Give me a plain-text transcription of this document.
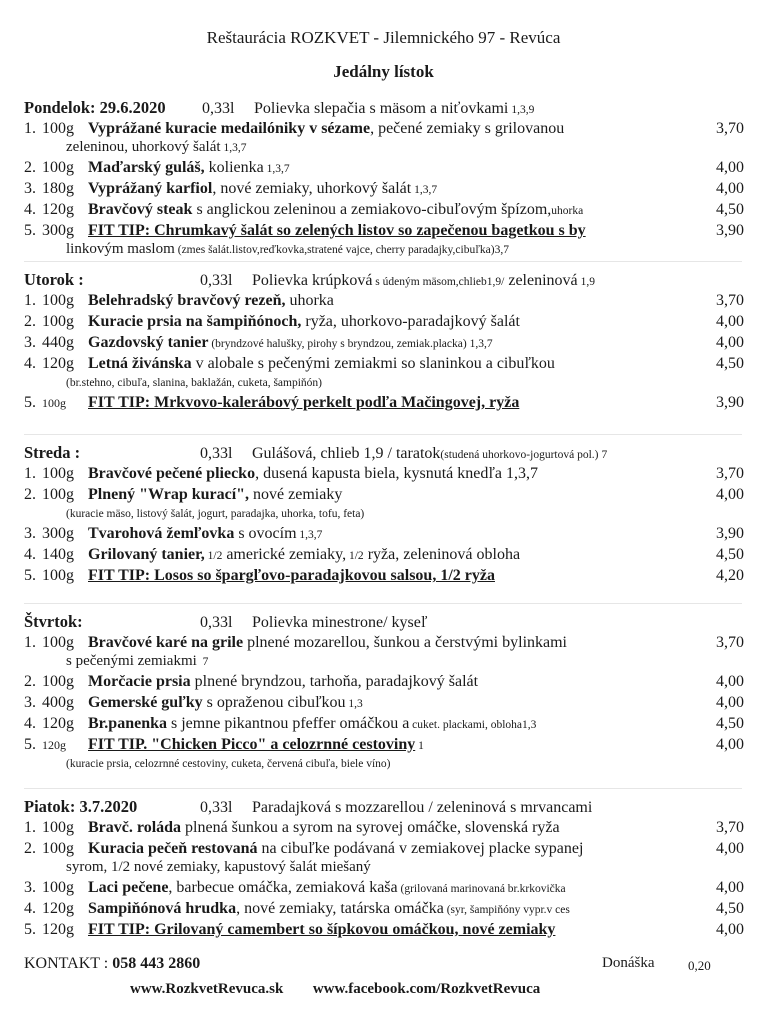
Reštaurácia ROZKVET - Jilemnického 97 - Revúca
Jedálny lístok
Pondelok: 29.6.2020 0,33l Polievka slepačia s mäsom a niťovkami 1,3,9
1. 100g Vyprážané kuracie medailóniky v sézame, pečené zemiaky s grilovanou	3,70
zeleninou, uhorkový šalát 1,3,7
2. 100g Maďarský guláš, kolienka 1,3,7	4,00
3. 180g Vyprážaný karfiol, nové zemiaky, uhorkový šalát 1,3,7	4,00
4. 120g Bravčový steak s anglickou zeleninou a zemiakovo-cibuľovým špízom,uhorka	4,50
5. 300g FIT TIP: Chrumkavý šalát so zelených listov so zapečenou bagetkou s by	3,90
linkovým maslom (zmes šalát.listov,reďkovka,stratené vajce, cherry paradajky,cibuľka)3,7
Utorok :	0,33l Polievka krúpková s údeným mäsom,chlieb1,9/ zeleninová 1,9
1. 100g Belehradský bravčový rezeň, uhorka	3,70
2. 100g Kuracie prsia na šampiňónoch, ryža, uhorkovo-paradajkový šalát	4,00
3. 440g Gazdovský tanier (bryndzové halušky, pirohy s bryndzou, zemiak.placka) 1,3,7	4,00
4. 120g Letná živánska v alobale s pečenými zemiakmi so slaninkou a cibuľkou	4,50
(br.stehno, cibuľa, slanina, baklažán, cuketa, šampiňón)
5. 100g FIT TIP: Mrkvovo-kalerábový perkelt podľa Mačingovej, ryža	3,90
Streda :	0,33l Gulášová, chlieb 1,9 / taratok(studená uhorkovo-jogurtová pol.) 7
1. 100g Bravčové pečené pliecko, dusená kapusta biela, kysnutá knedľa 1,3,7	3,70
2. 100g Plnený "Wrap kurací", nové zemiaky	4,00
(kuracie mäso, listový šalát, jogurt, paradajka, uhorka, tofu, feta)
3. 300g Tvarohová žemľovka s ovocím 1,3,7	3,90
4. 140g Grilovaný tanier, 1/2 americké zemiaky, 1/2 ryža, zeleninová obloha	4,50
5. 100g FIT TIP: Losos so špargľovo-paradajkovou salsou, 1/2 ryža	4,20
Štvrtok:	0,33l Polievka minestrone/ kyseľ
1. 100g Bravčové karé na grile plnené mozarellou, šunkou a čerstvými bylinkami	3,70
s pečenými zemiakmi 7
2. 100g Morčacie prsia plnené bryndzou, tarhoňa, paradajkový šalát	4,00
3. 400g Gemerské guľky s opraženou cibuľkou 1,3	4,00
4. 120g Br.panenka s jemne pikantnou pfeffer omáčkou a cuket. plackami, obloha1,3	4,50
5. 120g FIT TIP. "Chicken Picco" a celozrnné cestoviny 1	4,00
(kuracie prsia, celozrnné cestoviny, cuketa, červená cibuľa, biele víno)
Piatok: 3.7.2020	0,33l Paradajková s mozzarellou / zeleninová s mrvancami
1. 100g Bravč. roláda plnená šunkou a syrom na syrovej omáčke, slovenská ryža	3,70
2. 100g Kuracia pečeň restovaná na cibuľke podávaná v zemiakovej placke sypanej	4,00
syrom, 1/2 nové zemiaky, kapustový šalát miešaný
3. 100g Laci pečene, barbecue omáčka, zemiaková kaša (grilovaná marinovaná br.krkovička	4,00
4. 120g Sampiňónová hrudka, nové zemiaky, tatárska omáčka (syr, šampiňóny vypr.v ces	4,50
5. 120g FIT TIP: Grilovaný camembert so šípkovou omáčkou, nové zemiaky	4,00
KONTAKT : 058 443 2860	Donáška	0,20
www.RozkvetRevuca.sk www.facebook.com/RozkvetRevuca
